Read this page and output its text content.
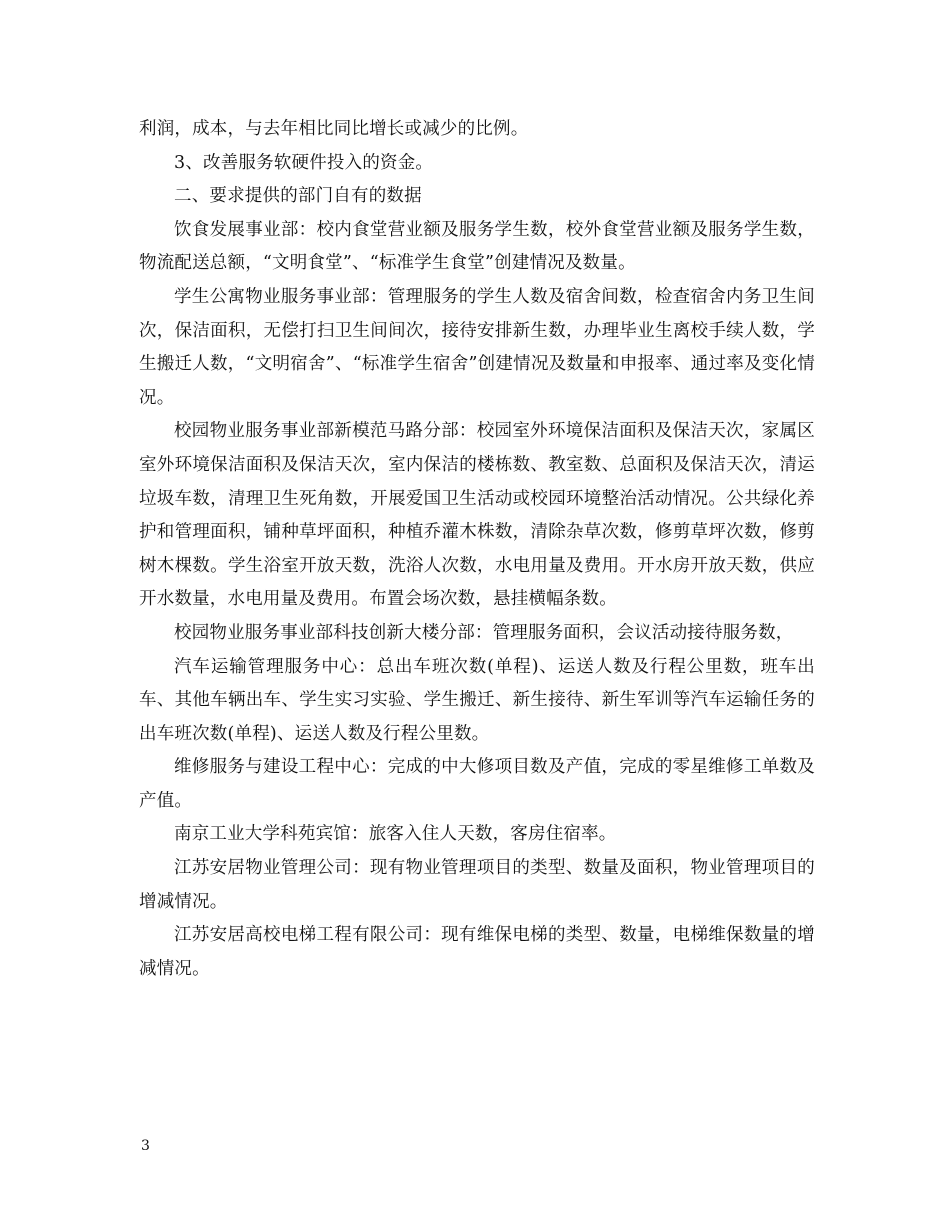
利润，成本，与去年相比同比增长或减少的比例。

3、改善服务软硬件投入的资金。

二、要求提供的部门自有的数据

饮食发展事业部：校内食堂营业额及服务学生数，校外食堂营业额及服务学生数，物流配送总额，“文明食堂”、“标准学生食堂”创建情况及数量。

学生公寓物业服务事业部：管理服务的学生人数及宿舍间数，检查宿舍内务卫生间次，保洁面积，无偿打扫卫生间间次，接待安排新生数，办理毕业生离校手续人数，学生搬迁人数，“文明宿舍”、“标准学生宿舍”创建情况及数量和申报率、通过率及变化情况。

校园物业服务事业部新模范马路分部：校园室外环境保洁面积及保洁天次，家属区室外环境保洁面积及保洁天次，室内保洁的楼栋数、教室数、总面积及保洁天次，清运垃圾车数，清理卫生死角数，开展爱国卫生活动或校园环境整治活动情况。公共绿化养护和管理面积，铺种草坪面积，种植乔灌木株数，清除杂草次数，修剪草坪次数，修剪树木棵数。学生浴室开放天数，洗浴人次数，水电用量及费用。开水房开放天数，供应开水数量，水电用量及费用。布置会场次数，悬挂横幅条数。

校园物业服务事业部科技创新大楼分部：管理服务面积，会议活动接待服务数，

汽车运输管理服务中心：总出车班次数(单程)、运送人数及行程公里数，班车出车、其他车辆出车、学生实习实验、学生搬迁、新生接待、新生军训等汽车运输任务的出车班次数(单程)、运送人数及行程公里数。

维修服务与建设工程中心：完成的中大修项目数及产值，完成的零星维修工单数及产值。

南京工业大学科苑宾馆：旅客入住人天数，客房住宿率。

江苏安居物业管理公司：现有物业管理项目的类型、数量及面积，物业管理项目的增减情况。

江苏安居高校电梯工程有限公司：现有维保电梯的类型、数量，电梯维保数量的增减情况。

3
